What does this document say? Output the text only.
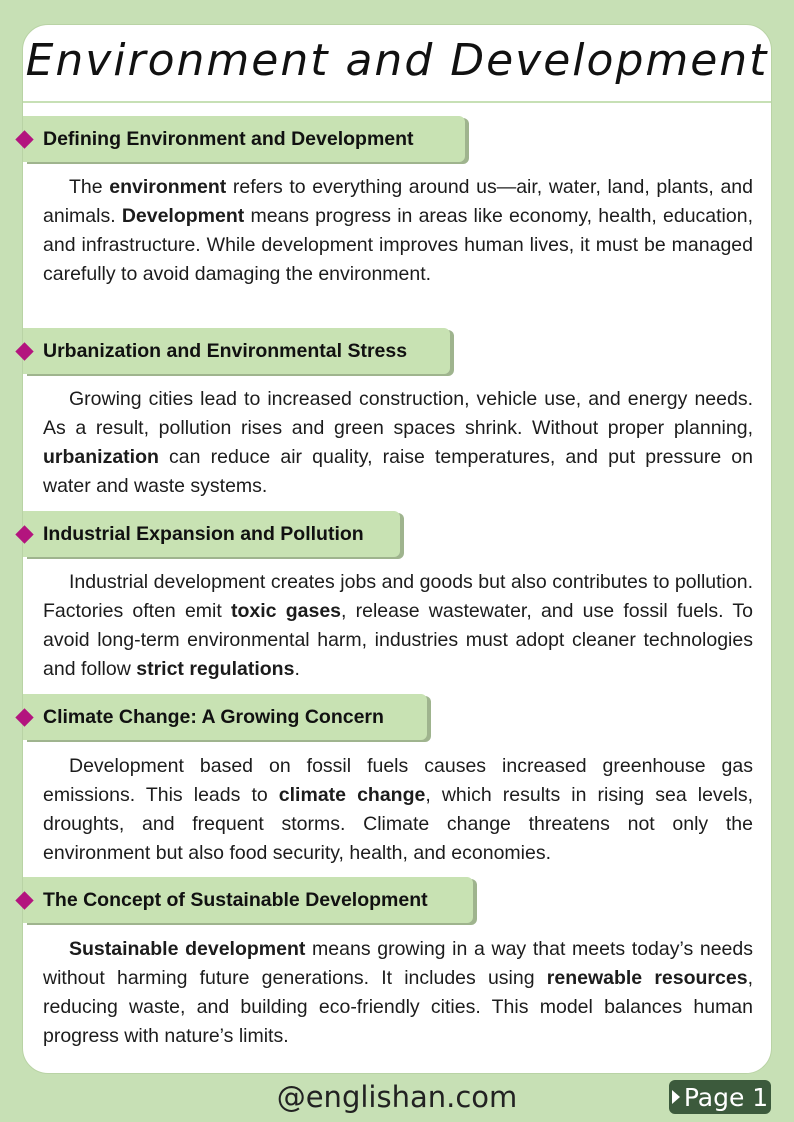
Environment and Development
Defining Environment and Development

The environment refers to everything around us—air, water, land, plants, and animals. Development means progress in areas like economy, health, education, and infrastructure. While development improves human lives, it must be managed carefully to avoid damaging the environment.

Urbanization and Environmental Stress

Growing cities lead to increased construction, vehicle use, and energy needs. As a result, pollution rises and green spaces shrink. Without proper planning, urbanization can reduce air quality, raise temperatures, and put pressure on water and waste systems.

Industrial Expansion and Pollution

Industrial development creates jobs and goods but also contributes to pollution. Factories often emit toxic gases, release wastewater, and use fossil fuels. To avoid long-term environmental harm, industries must adopt cleaner technologies and follow strict regulations.

Climate Change: A Growing Concern

Development based on fossil fuels causes increased greenhouse gas emissions. This leads to climate change, which results in rising sea levels, droughts, and frequent storms. Climate change threatens not only the environment but also food security, health, and economies.

The Concept of Sustainable Development

Sustainable development means growing in a way that meets today’s needs without harming future generations. It includes using renewable resources, reducing waste, and building eco-friendly cities. This model balances human progress with nature’s limits.

@englishan.com	Page 1
